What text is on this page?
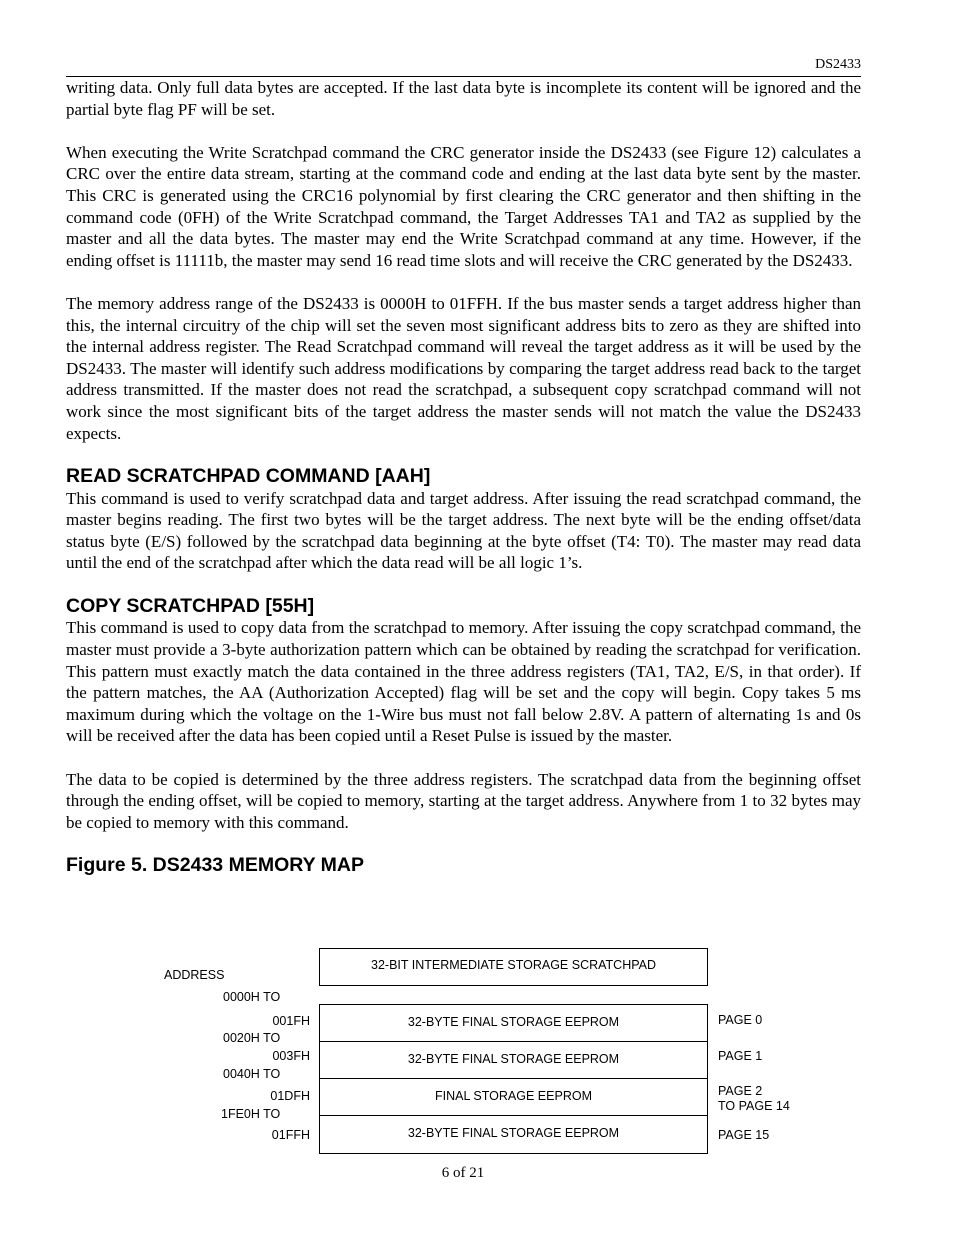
DS2433

writing data. Only full data bytes are accepted. If the last data byte is incomplete its content will be ignored and the partial byte flag PF will be set.

When executing the Write Scratchpad command the CRC generator inside the DS2433 (see Figure 12) calculates a CRC over the entire data stream, starting at the command code and ending at the last data byte sent by the master. This CRC is generated using the CRC16 polynomial by first clearing the CRC generator and then shifting in the command code (0FH) of the Write Scratchpad command, the Target Addresses TA1 and TA2 as supplied by the master and all the data bytes. The master may end the Write Scratchpad command at any time. However, if the ending offset is 11111b, the master may send 16 read time slots and will receive the CRC generated by the DS2433.

The memory address range of the DS2433 is 0000H to 01FFH. If the bus master sends a target address higher than this, the internal circuitry of the chip will set the seven most significant address bits to zero as they are shifted into the internal address register. The Read Scratchpad command will reveal the target address as it will be used by the DS2433. The master will identify such address modifications by comparing the target address read back to the target address transmitted. If the master does not read the scratchpad, a subsequent copy scratchpad command will not work since the most significant bits of the target address the master sends will not match the value the DS2433 expects.

READ SCRATCHPAD COMMAND [AAH]

This command is used to verify scratchpad data and target address. After issuing the read scratchpad command, the master begins reading. The first two bytes will be the target address. The next byte will be the ending offset/data status byte (E/S) followed by the scratchpad data beginning at the byte offset (T4: T0). The master may read data until the end of the scratchpad after which the data read will be all logic 1’s.

COPY SCRATCHPAD [55H]

This command is used to copy data from the scratchpad to memory. After issuing the copy scratchpad command, the master must provide a 3-byte authorization pattern which can be obtained by reading the scratchpad for verification. This pattern must exactly match the data contained in the three address registers (TA1, TA2, E/S, in that order). If the pattern matches, the AA (Authorization Accepted) flag will be set and the copy will begin. Copy takes 5 ms maximum during which the voltage on the 1-Wire bus must not fall below 2.8V. A pattern of alternating 1s and 0s will be received after the data has been copied until a Reset Pulse is issued by the master.

The data to be copied is determined by the three address registers. The scratchpad data from the beginning offset through the ending offset, will be copied to memory, starting at the target address. Anywhere from 1 to 32 bytes may be copied to memory with this command.

Figure 5. DS2433 MEMORY MAP
32-BIT INTERMEDIATE STORAGE SCRATCHPAD
ADDRESS
32-BYTE FINAL STORAGE EEPROM
32-BYTE FINAL STORAGE EEPROM
FINAL STORAGE EEPROM
32-BYTE FINAL STORAGE EEPROM
0000H TO
001FH
0020H TO
003FH
0040H TO
01DFH
1FE0H TO
01FFH
PAGE 0
PAGE 1
PAGE 2
TO PAGE 14
PAGE 15
6 of 21
